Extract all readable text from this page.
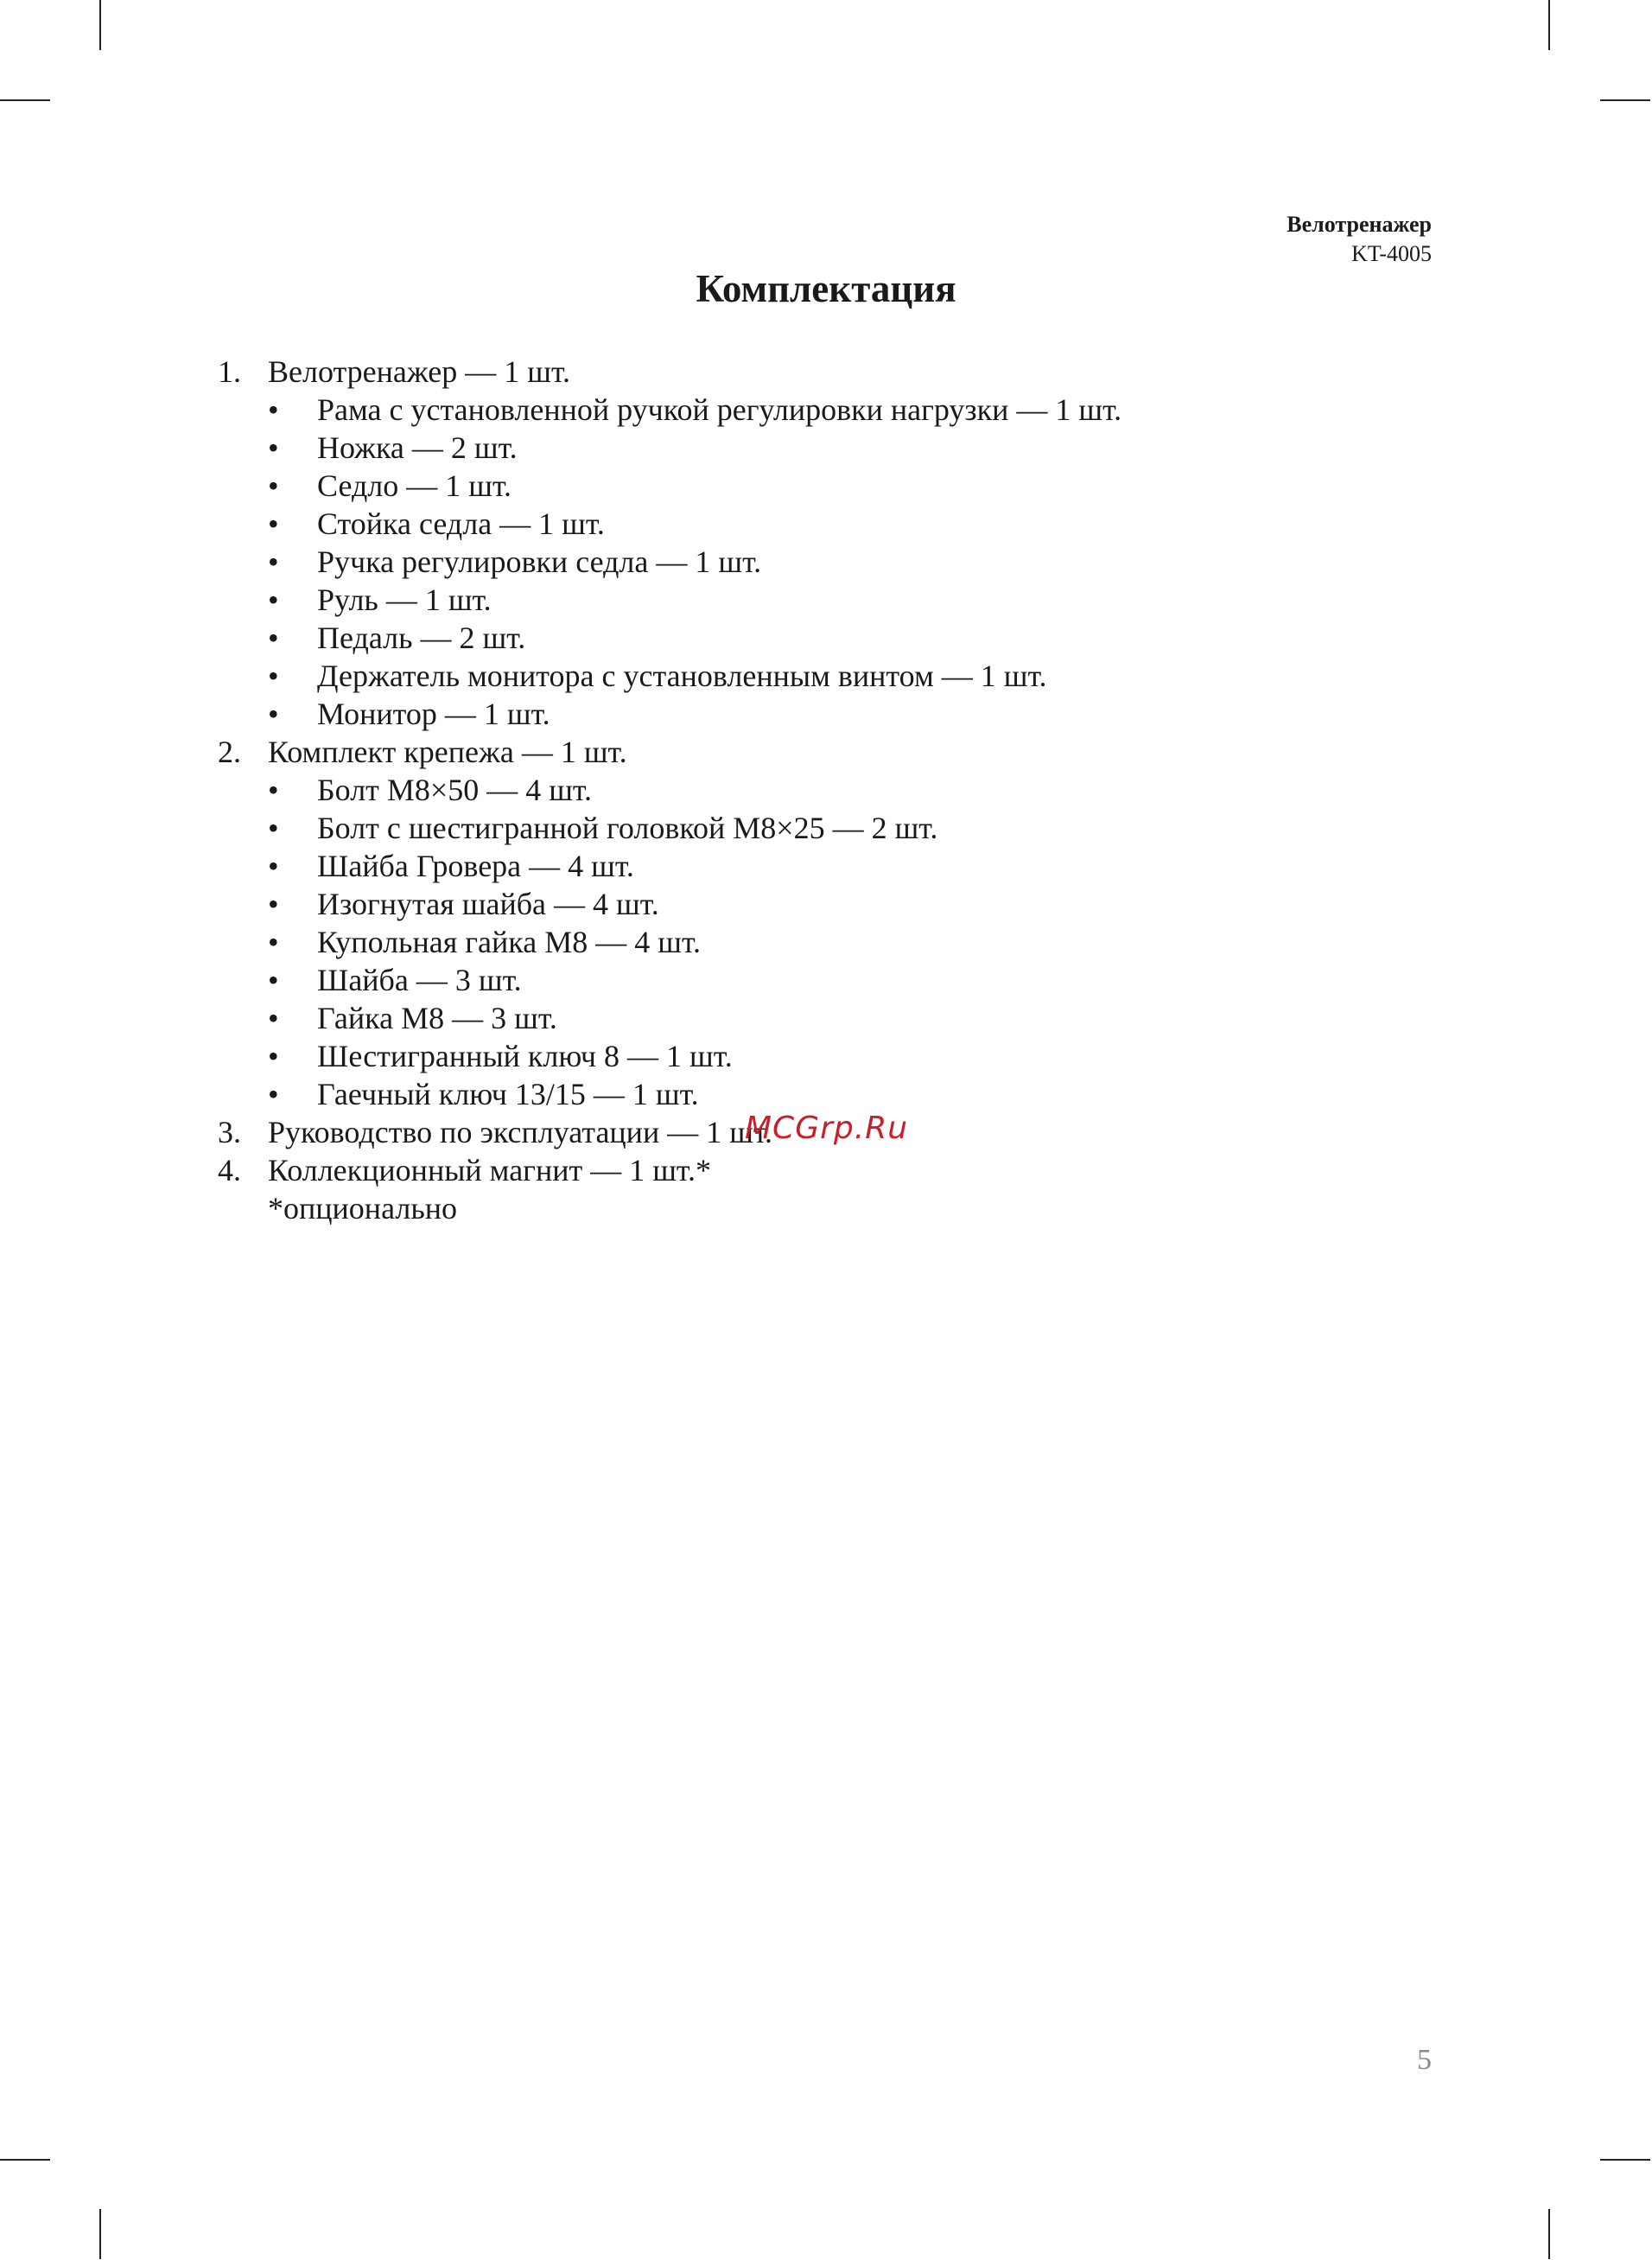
Велотренажер
KT-4005
Комплектация
1. Велотренажер — 1 шт.
• Рама с установленной ручкой регулировки нагрузки — 1 шт.
• Ножка — 2 шт.
• Седло — 1 шт.
• Стойка седла — 1 шт.
• Ручка регулировки седла — 1 шт.
• Руль — 1 шт.
• Педаль — 2 шт.
• Держатель монитора с установленным винтом — 1 шт.
• Монитор — 1 шт.
2. Комплект крепежа — 1 шт.
• Болт М8×50 — 4 шт.
• Болт с шестигранной головкой М8×25 — 2 шт.
• Шайба Гровера — 4 шт.
• Изогнутая шайба — 4 шт.
• Купольная гайка М8 — 4 шт.
• Шайба — 3 шт.
• Гайка М8 — 3 шт.
• Шестигранный ключ 8 — 1 шт.
• Гаечный ключ 13/15 — 1 шт.
3. Руководство по эксплуатации — 1 шт.
4. Коллекционный магнит — 1 шт.*
*опционально
MCGrp.Ru
5
